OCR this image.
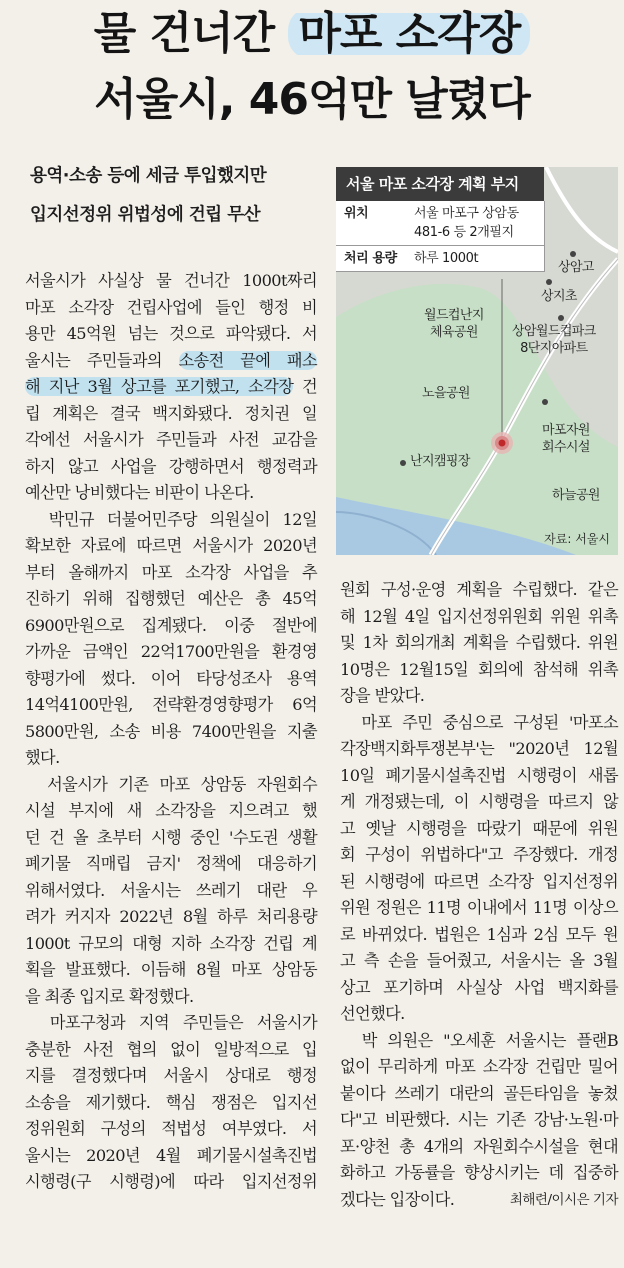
물 건너간 마포 소각장
서울시, 46억만 날렸다
용역·소송 등에 세금 투입했지만
입지선정위 위법성에 건립 무산
서울 마포 소각장 계획 부지
위치	서울 마포구 상암동
481-6 등 2개필지
처리 용량	하루 1000t
상암고
상지초
상암월드컵파크
8단지아파트
월드컵난지
체육공원
노을공원
마포자원
회수시설
난지캠핑장
하늘공원
자료: 서울시

서울시가 사실상 물 건너간 1000t짜리

마포 소각장 건립사업에 들인 행정 비

용만 45억원 넘는 것으로 파악됐다. 서

울시는 주민들과의 소송전 끝에 패소

해 지난 3월 상고를 포기했고, 소각장 건

립 계획은 결국 백지화됐다. 정치권 일

각에선 서울시가 주민들과 사전 교감을

하지 않고 사업을 강행하면서 행정력과

예산만 낭비했다는 비판이 나온다.

　박민규 더불어민주당 의원실이 12일

확보한 자료에 따르면 서울시가 2020년

부터 올해까지 마포 소각장 사업을 추

진하기 위해 집행했던 예산은 총 45억

6900만원으로 집계됐다. 이중 절반에

가까운 금액인 22억1700만원을 환경영

향평가에 썼다. 이어 타당성조사 용역

14억4100만원, 전략환경영향평가 6억

5800만원, 소송 비용 7400만원을 지출

했다.

　서울시가 기존 마포 상암동 자원회수

시설 부지에 새 소각장을 지으려고 했

던 건 올 초부터 시행 중인 '수도권 생활

폐기물 직매립 금지' 정책에 대응하기

위해서였다. 서울시는 쓰레기 대란 우

려가 커지자 2022년 8월 하루 처리용량

1000t 규모의 대형 지하 소각장 건립 계

획을 발표했다. 이듬해 8월 마포 상암동

을 최종 입지로 확정했다.

　마포구청과 지역 주민들은 서울시가

충분한 사전 협의 없이 일방적으로 입

지를 결정했다며 서울시 상대로 행정

소송을 제기했다. 핵심 쟁점은 입지선

정위원회 구성의 적법성 여부였다. 서

울시는 2020년 4월 폐기물시설촉진법

시행령(구 시행령)에 따라 입지선정위

원회 구성·운영 계획을 수립했다. 같은

해 12월 4일 입지선정위원회 위원 위촉

및 1차 회의개최 계획을 수립했다. 위원

10명은 12월15일 회의에 참석해 위촉

장을 받았다.

　마포 주민 중심으로 구성된 '마포소

각장백지화투쟁본부'는 "2020년 12월

10일 폐기물시설촉진법 시행령이 새롭

게 개정됐는데, 이 시행령을 따르지 않

고 옛날 시행령을 따랐기 때문에 위원

회 구성이 위법하다"고 주장했다. 개정

된 시행령에 따르면 소각장 입지선정위

위원 정원은 11명 이내에서 11명 이상으

로 바뀌었다. 법원은 1심과 2심 모두 원

고 측 손을 들어줬고, 서울시는 올 3월

상고 포기하며 사실상 사업 백지화를

선언했다.

　박 의원은 "오세훈 서울시는 플랜B

없이 무리하게 마포 소각장 건립만 밀어

붙이다 쓰레기 대란의 골든타임을 놓쳤

다"고 비판했다. 시는 기존 강남·노원·마

포·양천 총 4개의 자원회수시설을 현대

화하고 가동률을 향상시키는 데 집중하

겠다는 입장이다.	최해련/이시은 기자
